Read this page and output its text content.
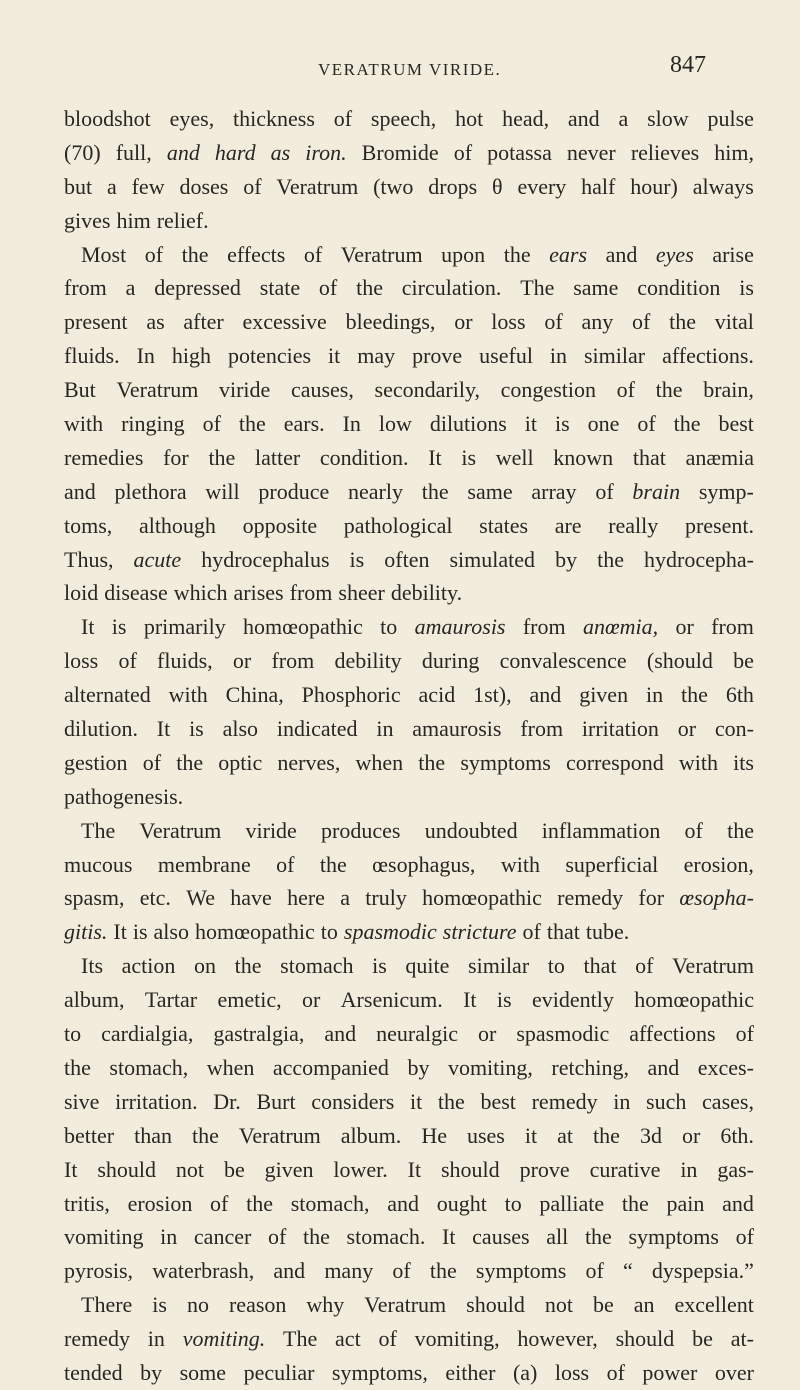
VERATRUM VIRIDE.	847
bloodshot eyes, thickness of speech, hot head, and a slow pulse
(70) full, and hard as iron. Bromide of potassa never relieves him,
but a few doses of Veratrum (two drops θ every half hour) always
gives him relief.
Most of the effects of Veratrum upon the ears and eyes arise
from a depressed state of the circulation. The same condition is
present as after excessive bleedings, or loss of any of the vital
fluids. In high potencies it may prove useful in similar affections.
But Veratrum viride causes, secondarily, congestion of the brain,
with ringing of the ears. In low dilutions it is one of the best
remedies for the latter condition. It is well known that anæmia
and plethora will produce nearly the same array of brain symp-
toms, although opposite pathological states are really present.
Thus, acute hydrocephalus is often simulated by the hydrocepha-
loid disease which arises from sheer debility.
It is primarily homœopathic to amaurosis from anœmia, or from
loss of fluids, or from debility during convalescence (should be
alternated with China, Phosphoric acid 1st), and given in the 6th
dilution. It is also indicated in amaurosis from irritation or con-
gestion of the optic nerves, when the symptoms correspond with its
pathogenesis.
The Veratrum viride produces undoubted inflammation of the
mucous membrane of the œsophagus, with superficial erosion,
spasm, etc. We have here a truly homœopathic remedy for œsopha-
gitis. It is also homœopathic to spasmodic stricture of that tube.
Its action on the stomach is quite similar to that of Veratrum
album, Tartar emetic, or Arsenicum. It is evidently homœopathic
to cardialgia, gastralgia, and neuralgic or spasmodic affections of
the stomach, when accompanied by vomiting, retching, and exces-
sive irritation. Dr. Burt considers it the best remedy in such cases,
better than the Veratrum album. He uses it at the 3d or 6th.
It should not be given lower. It should prove curative in gas-
tritis, erosion of the stomach, and ought to palliate the pain and
vomiting in cancer of the stomach. It causes all the symptoms of
pyrosis, waterbrash, and many of the symptoms of “ dyspepsia.”
There is no reason why Veratrum should not be an excellent
remedy in vomiting. The act of vomiting, however, should be at-
tended by some peculiar symptoms, either (a) loss of power over
